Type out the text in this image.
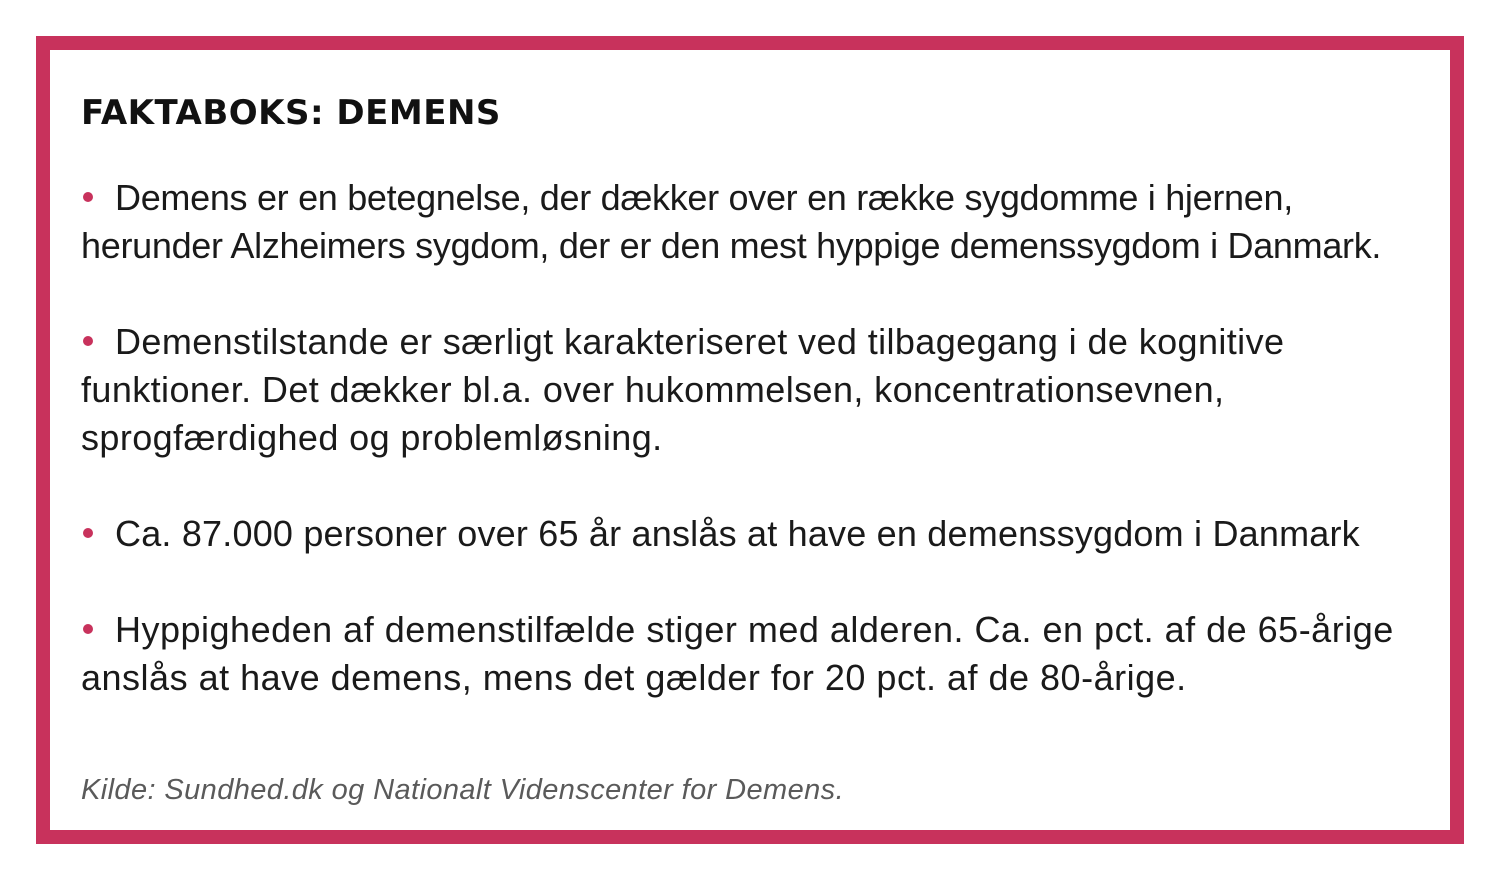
FAKTABOKS: DEMENS

Demens er en betegnelse, der dækker over en række sygdomme i hjernen, herunder Alzheimers sygdom, der er den mest hyppige demenssygdom i Danmark.

Demenstilstande er særligt karakteriseret ved tilbagegang i de kognitive funktioner. Det dækker bl.a. over hukommelsen, koncentrationsevnen, sprogfærdighed og problemløsning.

Ca. 87.000 personer over 65 år anslås at have en demenssygdom i Danmark

Hyppigheden af demenstilfælde stiger med alderen. Ca. en pct. af de 65-årige anslås at have demens, mens det gælder for 20 pct. af de 80-årige.

Kilde: Sundhed.dk og Nationalt Videnscenter for Demens.
